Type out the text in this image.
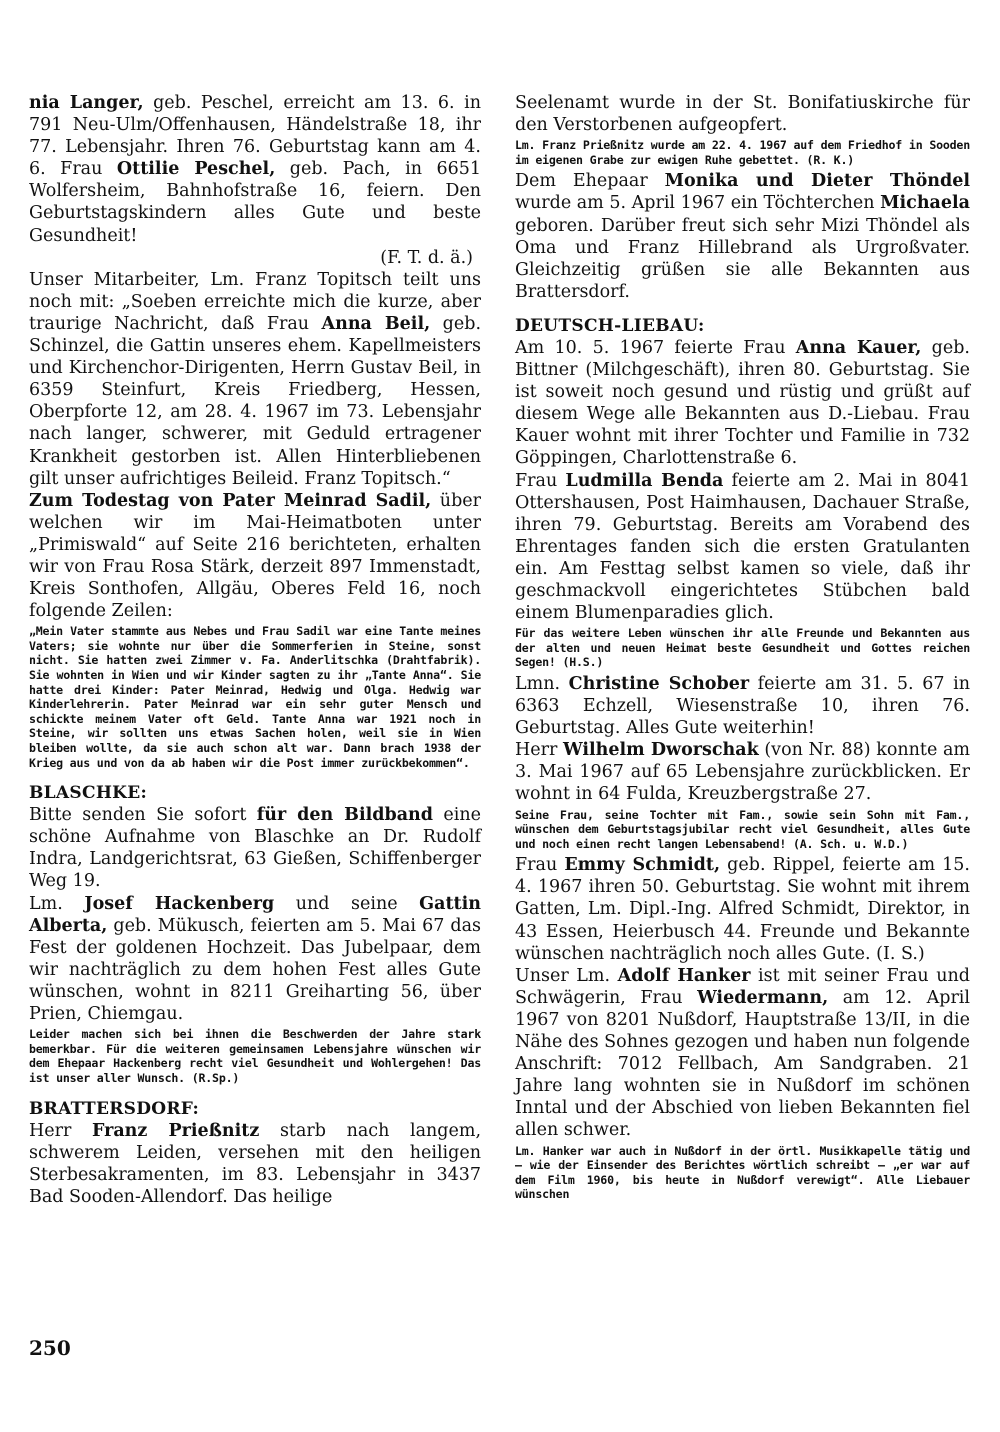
nia Langer, geb. Peschel, erreicht am 13. 6. in 791 Neu-Ulm/Offenhausen, Händelstraße 18, ihr 77. Lebensjahr. Ihren 76. Geburtstag kann am 4. 6. Frau Ottilie Peschel, geb. Pach, in 6651 Wolfersheim, Bahnhofstraße 16, feiern. Den Geburtstagskindern alles Gute und beste Gesundheit!

(F. T. d. ä.)

Unser Mitarbeiter, Lm. Franz Topitsch teilt uns noch mit: „Soeben erreichte mich die kurze, aber traurige Nachricht, daß Frau Anna Beil, geb. Schinzel, die Gattin unseres ehem. Kapellmeisters und Kirchenchor-Dirigenten, Herrn Gustav Beil, in 6359 Steinfurt, Kreis Friedberg, Hessen, Oberpforte 12, am 28. 4. 1967 im 73. Lebensjahr nach langer, schwerer, mit Geduld ertragener Krankheit gestorben ist. Allen Hinterbliebenen gilt unser aufrichtiges Beileid. Franz Topitsch.“

Zum Todestag von Pater Meinrad Sadil, über welchen wir im Mai-Heimatboten unter „Primiswald“ auf Seite 216 berichteten, erhalten wir von Frau Rosa Stärk, derzeit 897 Immenstadt, Kreis Sonthofen, Allgäu, Oberes Feld 16, noch folgende Zeilen:

„Mein Vater stammte aus Nebes und Frau Sadil war eine Tante meines Vaters; sie wohnte nur über die Sommerferien in Steine, sonst nicht. Sie hatten zwei Zimmer v. Fa. Anderlitschka (Drahtfabrik). Sie wohnten in Wien und wir Kinder sagten zu ihr „Tante Anna“. Sie hatte drei Kinder: Pater Meinrad, Hedwig und Olga. Hedwig war Kinderlehrerin. Pater Meinrad war ein sehr guter Mensch und schickte meinem Vater oft Geld. Tante Anna war 1921 noch in Steine, wir sollten uns etwas Sachen holen, weil sie in Wien bleiben wollte, da sie auch schon alt war. Dann brach 1938 der Krieg aus und von da ab haben wir die Post immer zurückbekommen“.

BLASCHKE:

Bitte senden Sie sofort für den Bildband eine schöne Aufnahme von Blaschke an Dr. Rudolf Indra, Landgerichtsrat, 63 Gießen, Schiffenberger Weg 19.

Lm. Josef Hackenberg und seine Gattin Alberta, geb. Mükusch, feierten am 5. Mai 67 das Fest der goldenen Hochzeit. Das Jubelpaar, dem wir nachträglich zu dem hohen Fest alles Gute wünschen, wohnt in 8211 Greiharting 56, über Prien, Chiemgau.

Leider machen sich bei ihnen die Beschwerden der Jahre stark bemerkbar. Für die weiteren gemeinsamen Lebensjahre wünschen wir dem Ehepaar Hackenberg recht viel Gesundheit und Wohlergehen! Das ist unser aller Wunsch. (R.Sp.)

BRATTERSDORF:

Herr Franz Prießnitz starb nach langem, schwerem Leiden, versehen mit den heiligen Sterbesakramenten, im 83. Lebensjahr in 3437 Bad Sooden-Allendorf. Das heilige

Seelenamt wurde in der St. Bonifatiuskirche für den Verstorbenen aufgeopfert.

Lm. Franz Prießnitz wurde am 22. 4. 1967 auf dem Friedhof in Sooden im eigenen Grabe zur ewigen Ruhe gebettet. (R. K.)

Dem Ehepaar Monika und Dieter Thöndel wurde am 5. April 1967 ein Töchterchen Michaela geboren. Darüber freut sich sehr Mizi Thöndel als Oma und Franz Hillebrand als Urgroßvater. Gleichzeitig grüßen sie alle Bekannten aus Brattersdorf.

DEUTSCH-LIEBAU:

Am 10. 5. 1967 feierte Frau Anna Kauer, geb. Bittner (Milchgeschäft), ihren 80. Geburtstag. Sie ist soweit noch gesund und rüstig und grüßt auf diesem Wege alle Bekannten aus D.-Liebau. Frau Kauer wohnt mit ihrer Tochter und Familie in 732 Göppingen, Charlottenstraße 6.

Frau Ludmilla Benda feierte am 2. Mai in 8041 Ottershausen, Post Haimhausen, Dachauer Straße, ihren 79. Geburtstag. Bereits am Vorabend des Ehrentages fanden sich die ersten Gratulanten ein. Am Festtag selbst kamen so viele, daß ihr geschmackvoll eingerichtetes Stübchen bald einem Blumenparadies glich.

Für das weitere Leben wünschen ihr alle Freunde und Bekannten aus der alten und neuen Heimat beste Gesundheit und Gottes reichen Segen! (H.S.)

Lmn. Christine Schober feierte am 31. 5. 67 in 6363 Echzell, Wiesenstraße 10, ihren 76. Geburtstag. Alles Gute weiterhin!

Herr Wilhelm Dworschak (von Nr. 88) konnte am 3. Mai 1967 auf 65 Lebensjahre zurückblicken. Er wohnt in 64 Fulda, Kreuzbergstraße 27.

Seine Frau, seine Tochter mit Fam., sowie sein Sohn mit Fam., wünschen dem Geburtstagsjubilar recht viel Gesundheit, alles Gute und noch einen recht langen Lebensabend! (A. Sch. u. W.D.)

Frau Emmy Schmidt, geb. Rippel, feierte am 15. 4. 1967 ihren 50. Geburtstag. Sie wohnt mit ihrem Gatten, Lm. Dipl.-Ing. Alfred Schmidt, Direktor, in 43 Essen, Heierbusch 44. Freunde und Bekannte wünschen nachträglich noch alles Gute. (I. S.)

Unser Lm. Adolf Hanker ist mit seiner Frau und Schwägerin, Frau Wiedermann, am 12. April 1967 von 8201 Nußdorf, Hauptstraße 13/II, in die Nähe des Sohnes gezogen und haben nun folgende Anschrift: 7012 Fellbach, Am Sandgraben. 21 Jahre lang wohnten sie in Nußdorf im schönen Inntal und der Abschied von lieben Bekannten fiel allen schwer.

Lm. Hanker war auch in Nußdorf in der örtl. Musikkapelle tätig und — wie der Einsender des Berichtes wörtlich schreibt — „er war auf dem Film 1960, bis heute in Nußdorf verewigt“. Alle Liebauer wünschen

250
